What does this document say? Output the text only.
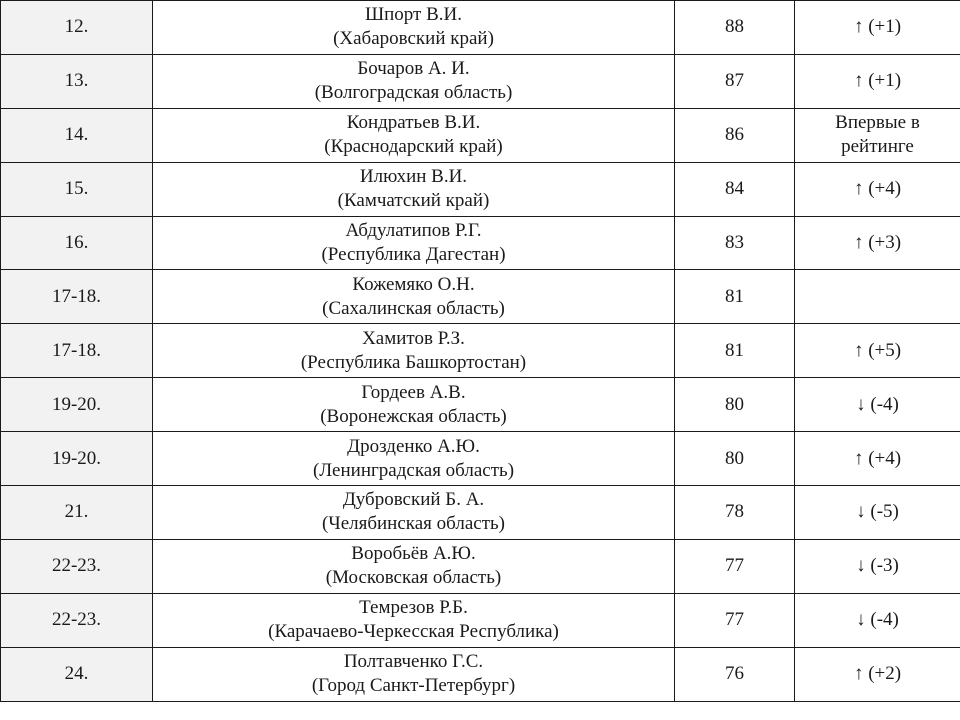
12.	Шпорт В.И.
(Хабаровский край)	88	↑ (+1)
13.	Бочаров А. И.
(Волгоградская область)	87	↑ (+1)
14.	Кондратьев В.И.
(Краснодарский край)	86	Впервые в
рейтинге
15.	Илюхин В.И.
(Камчатский край)	84	↑ (+4)
16.	Абдулатипов Р.Г.
(Республика Дагестан)	83	↑ (+3)
17-18.	Кожемяко О.Н.
(Сахалинская область)	81	
17-18.	Хамитов Р.З.
(Республика Башкортостан)	81	↑ (+5)
19-20.	Гордеев А.В.
(Воронежская область)	80	↓ (-4)
19-20.	Дрозденко А.Ю.
(Ленинградская область)	80	↑ (+4)
21.	Дубровский Б. А.
(Челябинская область)	78	↓ (-5)
22-23.	Воробьёв А.Ю.
(Московская область)	77	↓ (-3)
22-23.	Темрезов Р.Б.
(Карачаево-Черкесская Республика)	77	↓ (-4)
24.	Полтавченко Г.С.
(Город Санкт-Петербург)	76	↑ (+2)
